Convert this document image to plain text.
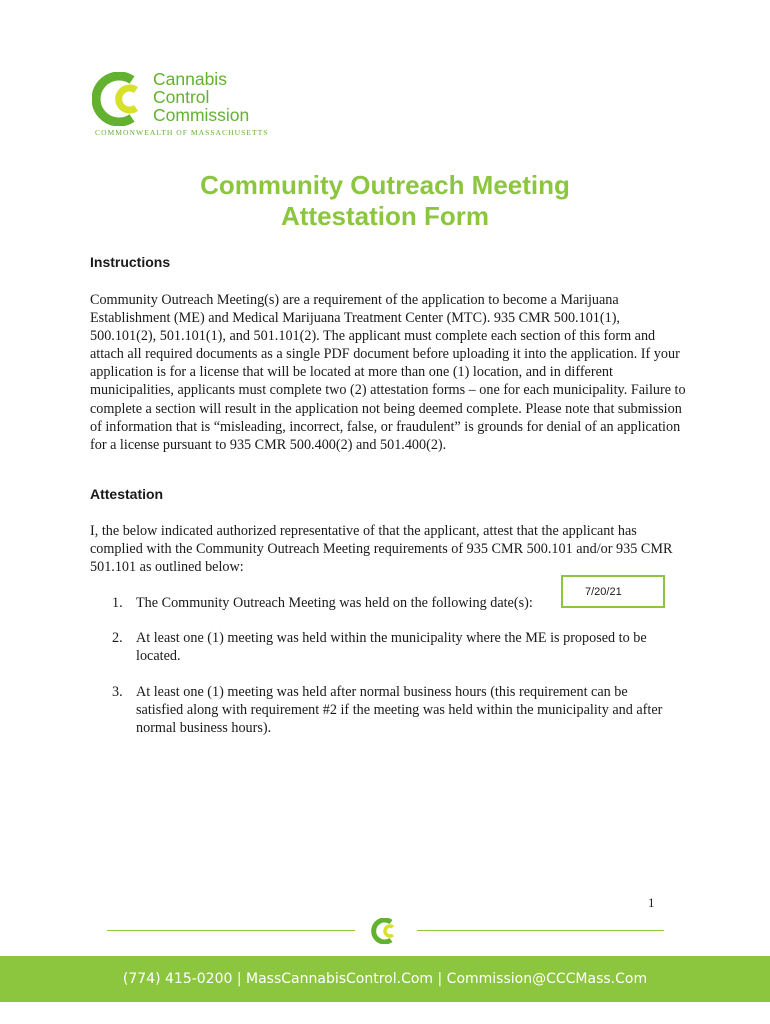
Cannabis
Control
Commission
COMMONWEALTH OF MASSACHUSETTS
Community Outreach Meeting
Attestation Form
Instructions

Community Outreach Meeting(s) are a requirement of the application to become a Marijuana Establishment (ME) and Medical Marijuana Treatment Center (MTC). 935 CMR 500.101(1), 500.101(2), 501.101(1), and 501.101(2). The applicant must complete each section of this form and attach all required documents as a single PDF document before uploading it into the application. If your application is for a license that will be located at more than one (1) location, and in different municipalities, applicants must complete two (2) attestation forms – one for each municipality. Failure to complete a section will result in the application not being deemed complete. Please note that submission of information that is “misleading, incorrect, false, or fraudulent” is grounds for denial of an application for a license pursuant to 935 CMR 500.400(2) and 501.400(2).

Attestation

I, the below indicated authorized representative of that the applicant, attest that the applicant has complied with the Community Outreach Meeting requirements of 935 CMR 500.101 and/or 935 CMR 501.101 as outlined below:

1. The Community Outreach Meeting was held on the following date(s):
7/20/21
2. At least one (1) meeting was held within the municipality where the ME is proposed to be located.
3. At least one (1) meeting was held after normal business hours (this requirement can be satisfied along with requirement #2 if the meeting was held within the municipality and after normal business hours).
1
(774) 415-0200 | MassCannabisControl.Com | Commission@CCCMass.Com
